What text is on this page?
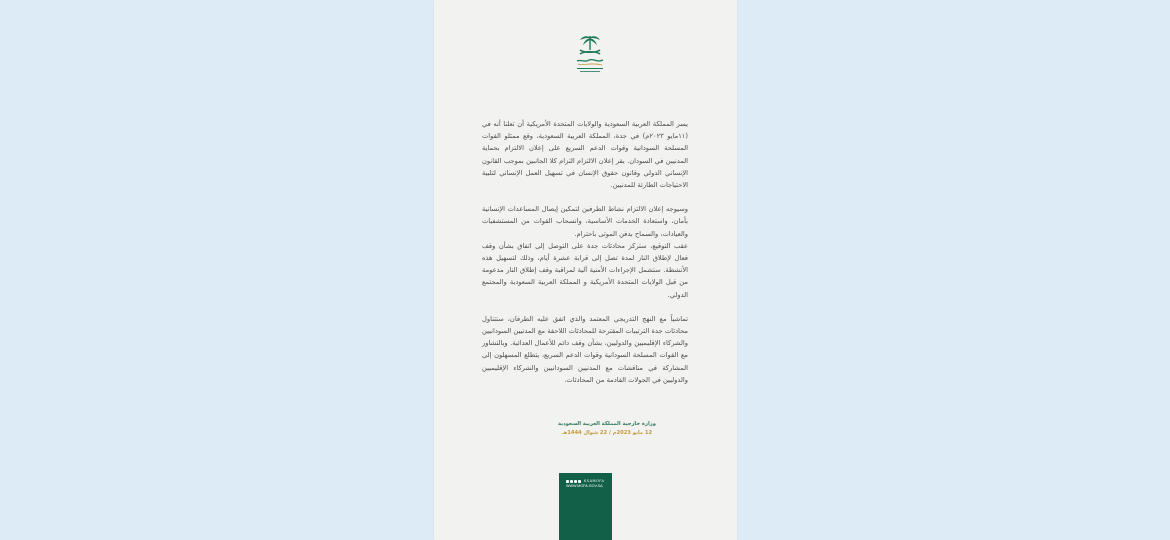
يسر المملكة العربية السعودية والولايات المتحدة الأمريكية أن تعلنا أنه في (١١مايو ٢٠٢٣م) في جدة، المملكة العربية السعودية، وقع ممثلو القوات المسلحة السودانية وقوات الدعم السريع على إعلان الالتزام بحماية المدنيين في السودان. يقر إعلان الالتزام التزام كلا الجانبين بموجب القانون الإنساني الدولي وقانون حقوق الإنسان في تسهيل العمل الإنساني لتلبية الاحتياجات الطارئة للمدنيين.

وسيوجه إعلان الالتزام نشاط الطرفين لتمكين إيصال المساعدات الإنسانية بأمان، واستعادة الخدمات الأساسية، وانسحاب القوات من المستشفيات والعيادات، والسماح بدفن الموتى باحترام.

عقب التوقيع، ستركز محادثات جدة على التوصل إلى اتفاق بشأن وقف فعال لإطلاق النار لمدة تصل إلى قرابة عشرة أيام، وذلك لتسهيل هذه الأنشطة. ستشمل الإجراءات الأمنية آلية لمراقبة وقف إطلاق النار مدعومة من قبل الولايات المتحدة الأمريكية و المملكة العربية السعودية والمجتمع الدولي.

تماشياً مع النهج التدريجي المعتمد والذي اتفق عليه الطرفان، ستتناول محادثات جدة الترتيبات المقترحة للمحادثات اللاحقة مع المدنيين السودانيين والشركاء الإقليميين والدوليين، بشأن وقف دائم للأعمال العدائية. وبالتشاور مع القوات المسلحة السودانية وقوات الدعم السريع، يتطلع المسهلون إلى المشاركة في مناقشات مع المدنيين السودانيين والشركاء الإقليميين والدوليين في الجولات القادمة من المحادثات.

وزارة خارجية المملكة العربية السعودية
12 مايو 2023م / 22 شوال 1444هـ
KSAMOFA
WWW.MOFA.GOV.SA
